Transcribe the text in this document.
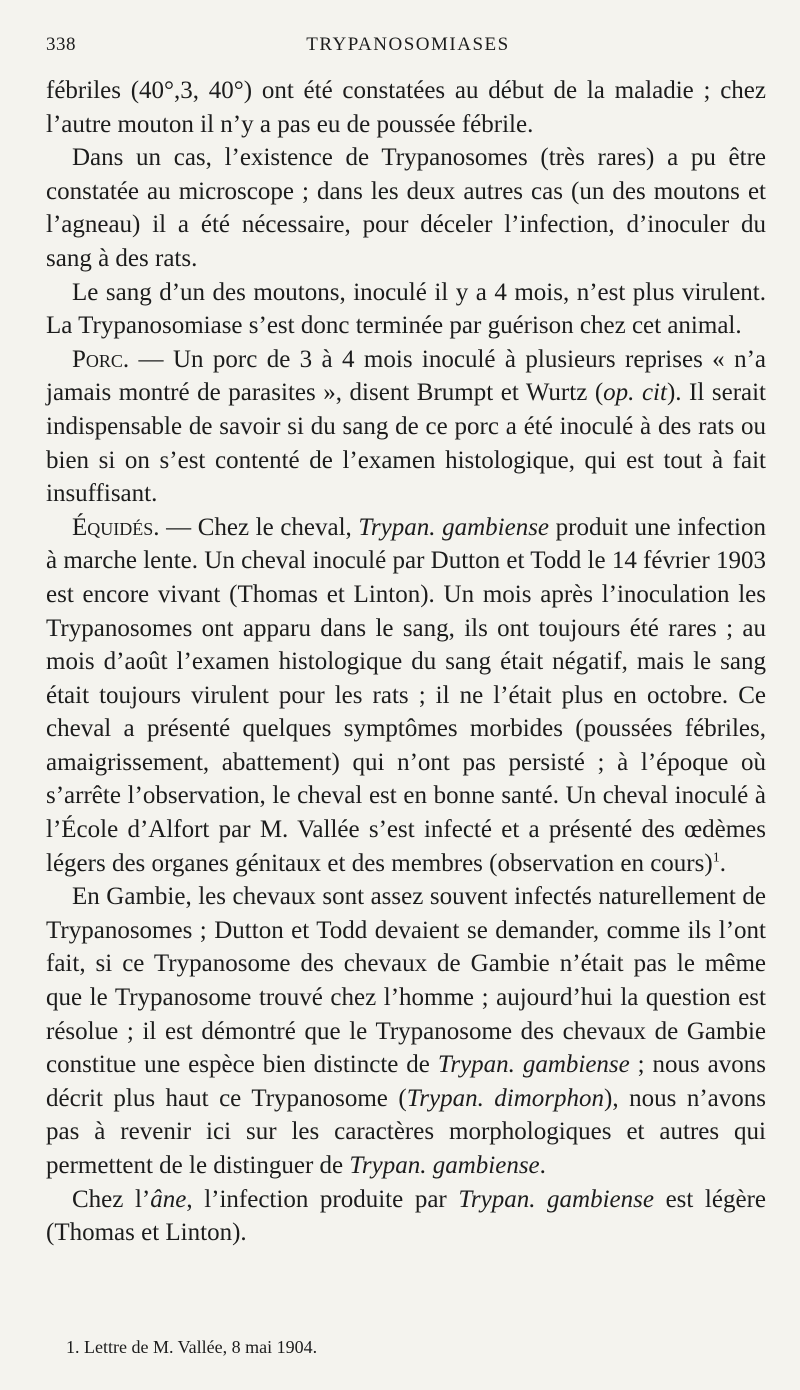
338	TRYPANOSOMIASES

fébriles (40°,3, 40°) ont été constatées au début de la maladie ; chez l’autre mouton il n’y a pas eu de poussée fébrile.

Dans un cas, l’existence de Trypanosomes (très rares) a pu être constatée au microscope ; dans les deux autres cas (un des moutons et l’agneau) il a été nécessaire, pour déceler l’infection, d’inoculer du sang à des rats.

Le sang d’un des moutons, inoculé il y a 4 mois, n’est plus virulent. La Trypanosomiase s’est donc terminée par guérison chez cet animal.

Porc. — Un porc de 3 à 4 mois inoculé à plusieurs reprises « n’a jamais montré de parasites », disent Brumpt et Wurtz (op. cit). Il serait indispensable de savoir si du sang de ce porc a été inoculé à des rats ou bien si on s’est contenté de l’examen histologique, qui est tout à fait insuffisant.

Équidés. — Chez le cheval, Trypan. gambiense produit une infection à marche lente. Un cheval inoculé par Dutton et Todd le 14 février 1903 est encore vivant (Thomas et Linton). Un mois après l’inoculation les Trypanosomes ont apparu dans le sang, ils ont toujours été rares ; au mois d’août l’examen histologique du sang était négatif, mais le sang était toujours virulent pour les rats ; il ne l’était plus en octobre. Ce cheval a présenté quelques symptômes morbides (poussées fébriles, amaigrissement, abattement) qui n’ont pas persisté ; à l’époque où s’arrête l’observation, le cheval est en bonne santé. Un cheval inoculé à l’École d’Alfort par M. Vallée s’est infecté et a présenté des œdèmes légers des organes génitaux et des membres (observation en cours)$^1$.

En Gambie, les chevaux sont assez souvent infectés naturellement de Trypanosomes ; Dutton et Todd devaient se demander, comme ils l’ont fait, si ce Trypanosome des chevaux de Gambie n’était pas le même que le Trypanosome trouvé chez l’homme ; aujourd’hui la question est résolue ; il est démontré que le Trypanosome des chevaux de Gambie constitue une espèce bien distincte de Trypan. gambiense ; nous avons décrit plus haut ce Trypanosome (Trypan. dimorphon), nous n’avons pas à revenir ici sur les caractères morphologiques et autres qui permettent de le distinguer de Trypan. gambiense.

Chez l’âne, l’infection produite par Trypan. gambiense est légère (Thomas et Linton).

1. Lettre de M. Vallée, 8 mai 1904.
